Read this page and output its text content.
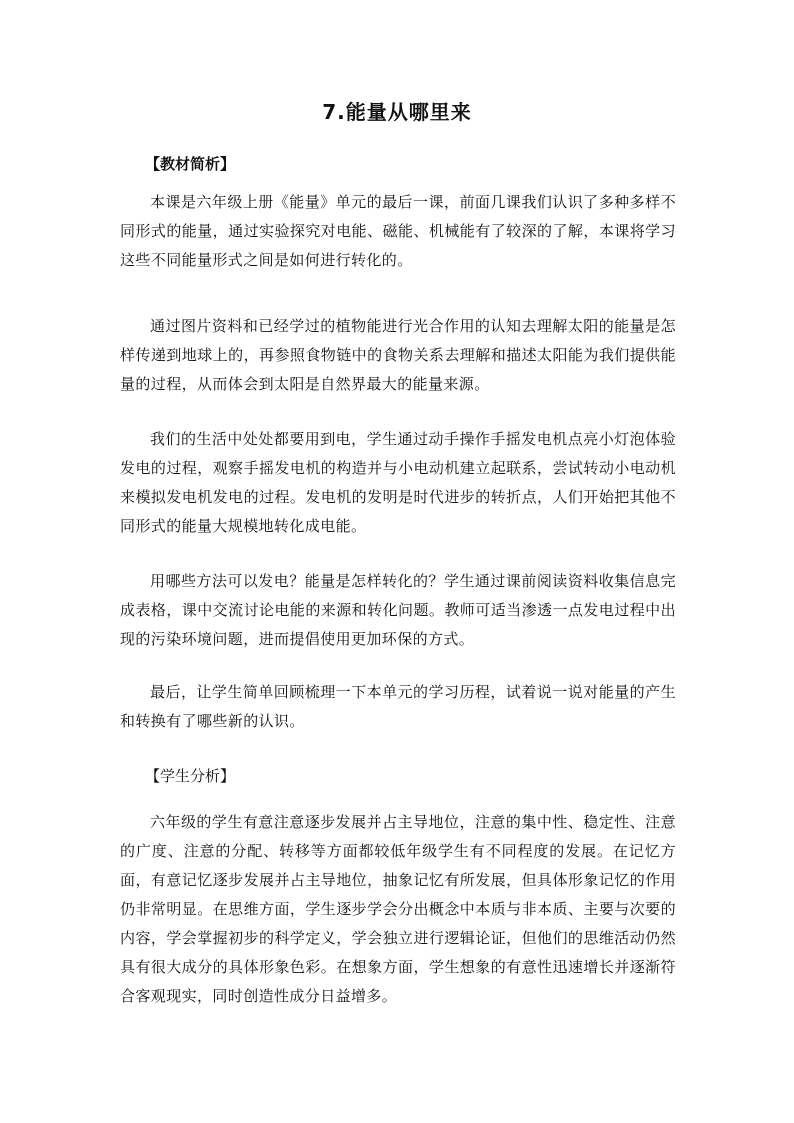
7.能量从哪里来
【教材简析】

本课是六年级上册《能量》单元的最后一课，前面几课我们认识了多种多样不同形式的能量，通过实验探究对电能、磁能、机械能有了较深的了解，本课将学习这些不同能量形式之间是如何进行转化的。

通过图片资料和已经学过的植物能进行光合作用的认知去理解太阳的能量是怎样传递到地球上的，再参照食物链中的食物关系去理解和描述太阳能为我们提供能量的过程，从而体会到太阳是自然界最大的能量来源。

我们的生活中处处都要用到电，学生通过动手操作手摇发电机点亮小灯泡体验发电的过程，观察手摇发电机的构造并与小电动机建立起联系，尝试转动小电动机来模拟发电机发电的过程。发电机的发明是时代进步的转折点，人们开始把其他不同形式的能量大规模地转化成电能。

用哪些方法可以发电？能量是怎样转化的？学生通过课前阅读资料收集信息完成表格，课中交流讨论电能的来源和转化问题。教师可适当渗透一点发电过程中出现的污染环境问题，进而提倡使用更加环保的方式。

最后，让学生简单回顾梳理一下本单元的学习历程，试着说一说对能量的产生和转换有了哪些新的认识。

【学生分析】

六年级的学生有意注意逐步发展并占主导地位，注意的集中性、稳定性、注意的广度、注意的分配、转移等方面都较低年级学生有不同程度的发展。在记忆方面，有意记忆逐步发展并占主导地位，抽象记忆有所发展，但具体形象记忆的作用仍非常明显。在思维方面，学生逐步学会分出概念中本质与非本质、主要与次要的内容，学会掌握初步的科学定义，学会独立进行逻辑论证，但他们的思维活动仍然具有很大成分的具体形象色彩。在想象方面，学生想象的有意性迅速增长并逐渐符合客观现实，同时创造性成分日益增多。
